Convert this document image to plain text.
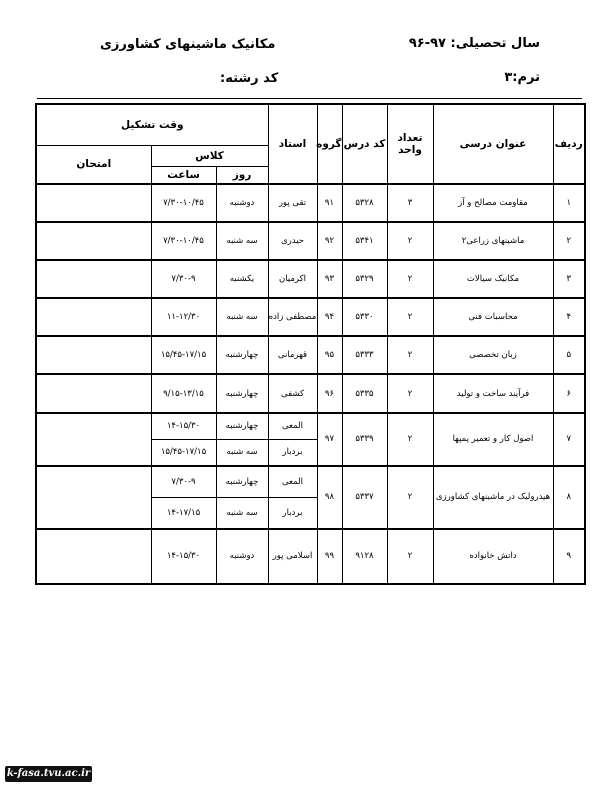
سال تحصیلی: ۹۷-۹۶
مکانیک ماشینهای کشاورزی
ترم:۳
کد رشته:
ردیف	عنوان درسی	تعداد واحد	کد درس	گروه	استاد	وقت تشکیل		
						کلاس		امتحان
						روز	ساعت	
۱	مقاومت مصالح و آز	۳	۵۳۲۸	۹۱	تقی پور	دوشنبه	۷/۳۰-۱۰/۴۵	
۲	ماشینهای زراعی۲	۲	۵۳۴۱	۹۲	حیدری	سه شنبه	۷/۳۰-۱۰/۴۵	
۳	مکانیک سیالات	۲	۵۳۲۹	۹۳	اکرمیان	یکشنبه	۷/۳۰-۹	
۴	محاسبات فنی	۲	۵۳۳۰	۹۴	مصطفی زاده	سه شنبه	۱۱-۱۲/۳۰	
۵	زبان تخصصی	۲	۵۳۳۳	۹۵	قهرمانی	چهارشنبه	۱۵/۴۵-۱۷/۱۵	
۶	فرآیند ساخت و تولید	۲	۵۳۳۵	۹۶	کشفی	چهارشنبه	۹/۱۵-۱۳/۱۵	
۷	اصول کار و تعمیر پمپها	۲	۵۳۳۹	۹۷	المعی	چهارشنبه	۱۴-۱۵/۳۰	
					بردبار	سه شنبه	۱۵/۴۵-۱۷/۱۵	
۸	هیدرولیک در ماشینهای کشاورزی	۲	۵۳۳۷	۹۸	المعی	چهارشنبه	۷/۳۰-۹	
					بردبار	سه شنبه	۱۴-۱۷/۱۵	
۹	دانش خانواده	۲	۹۱۲۸	۹۹	اسلامی پور	دوشنبه	۱۴-۱۵/۳۰	
k-fasa.tvu.ac.ir
